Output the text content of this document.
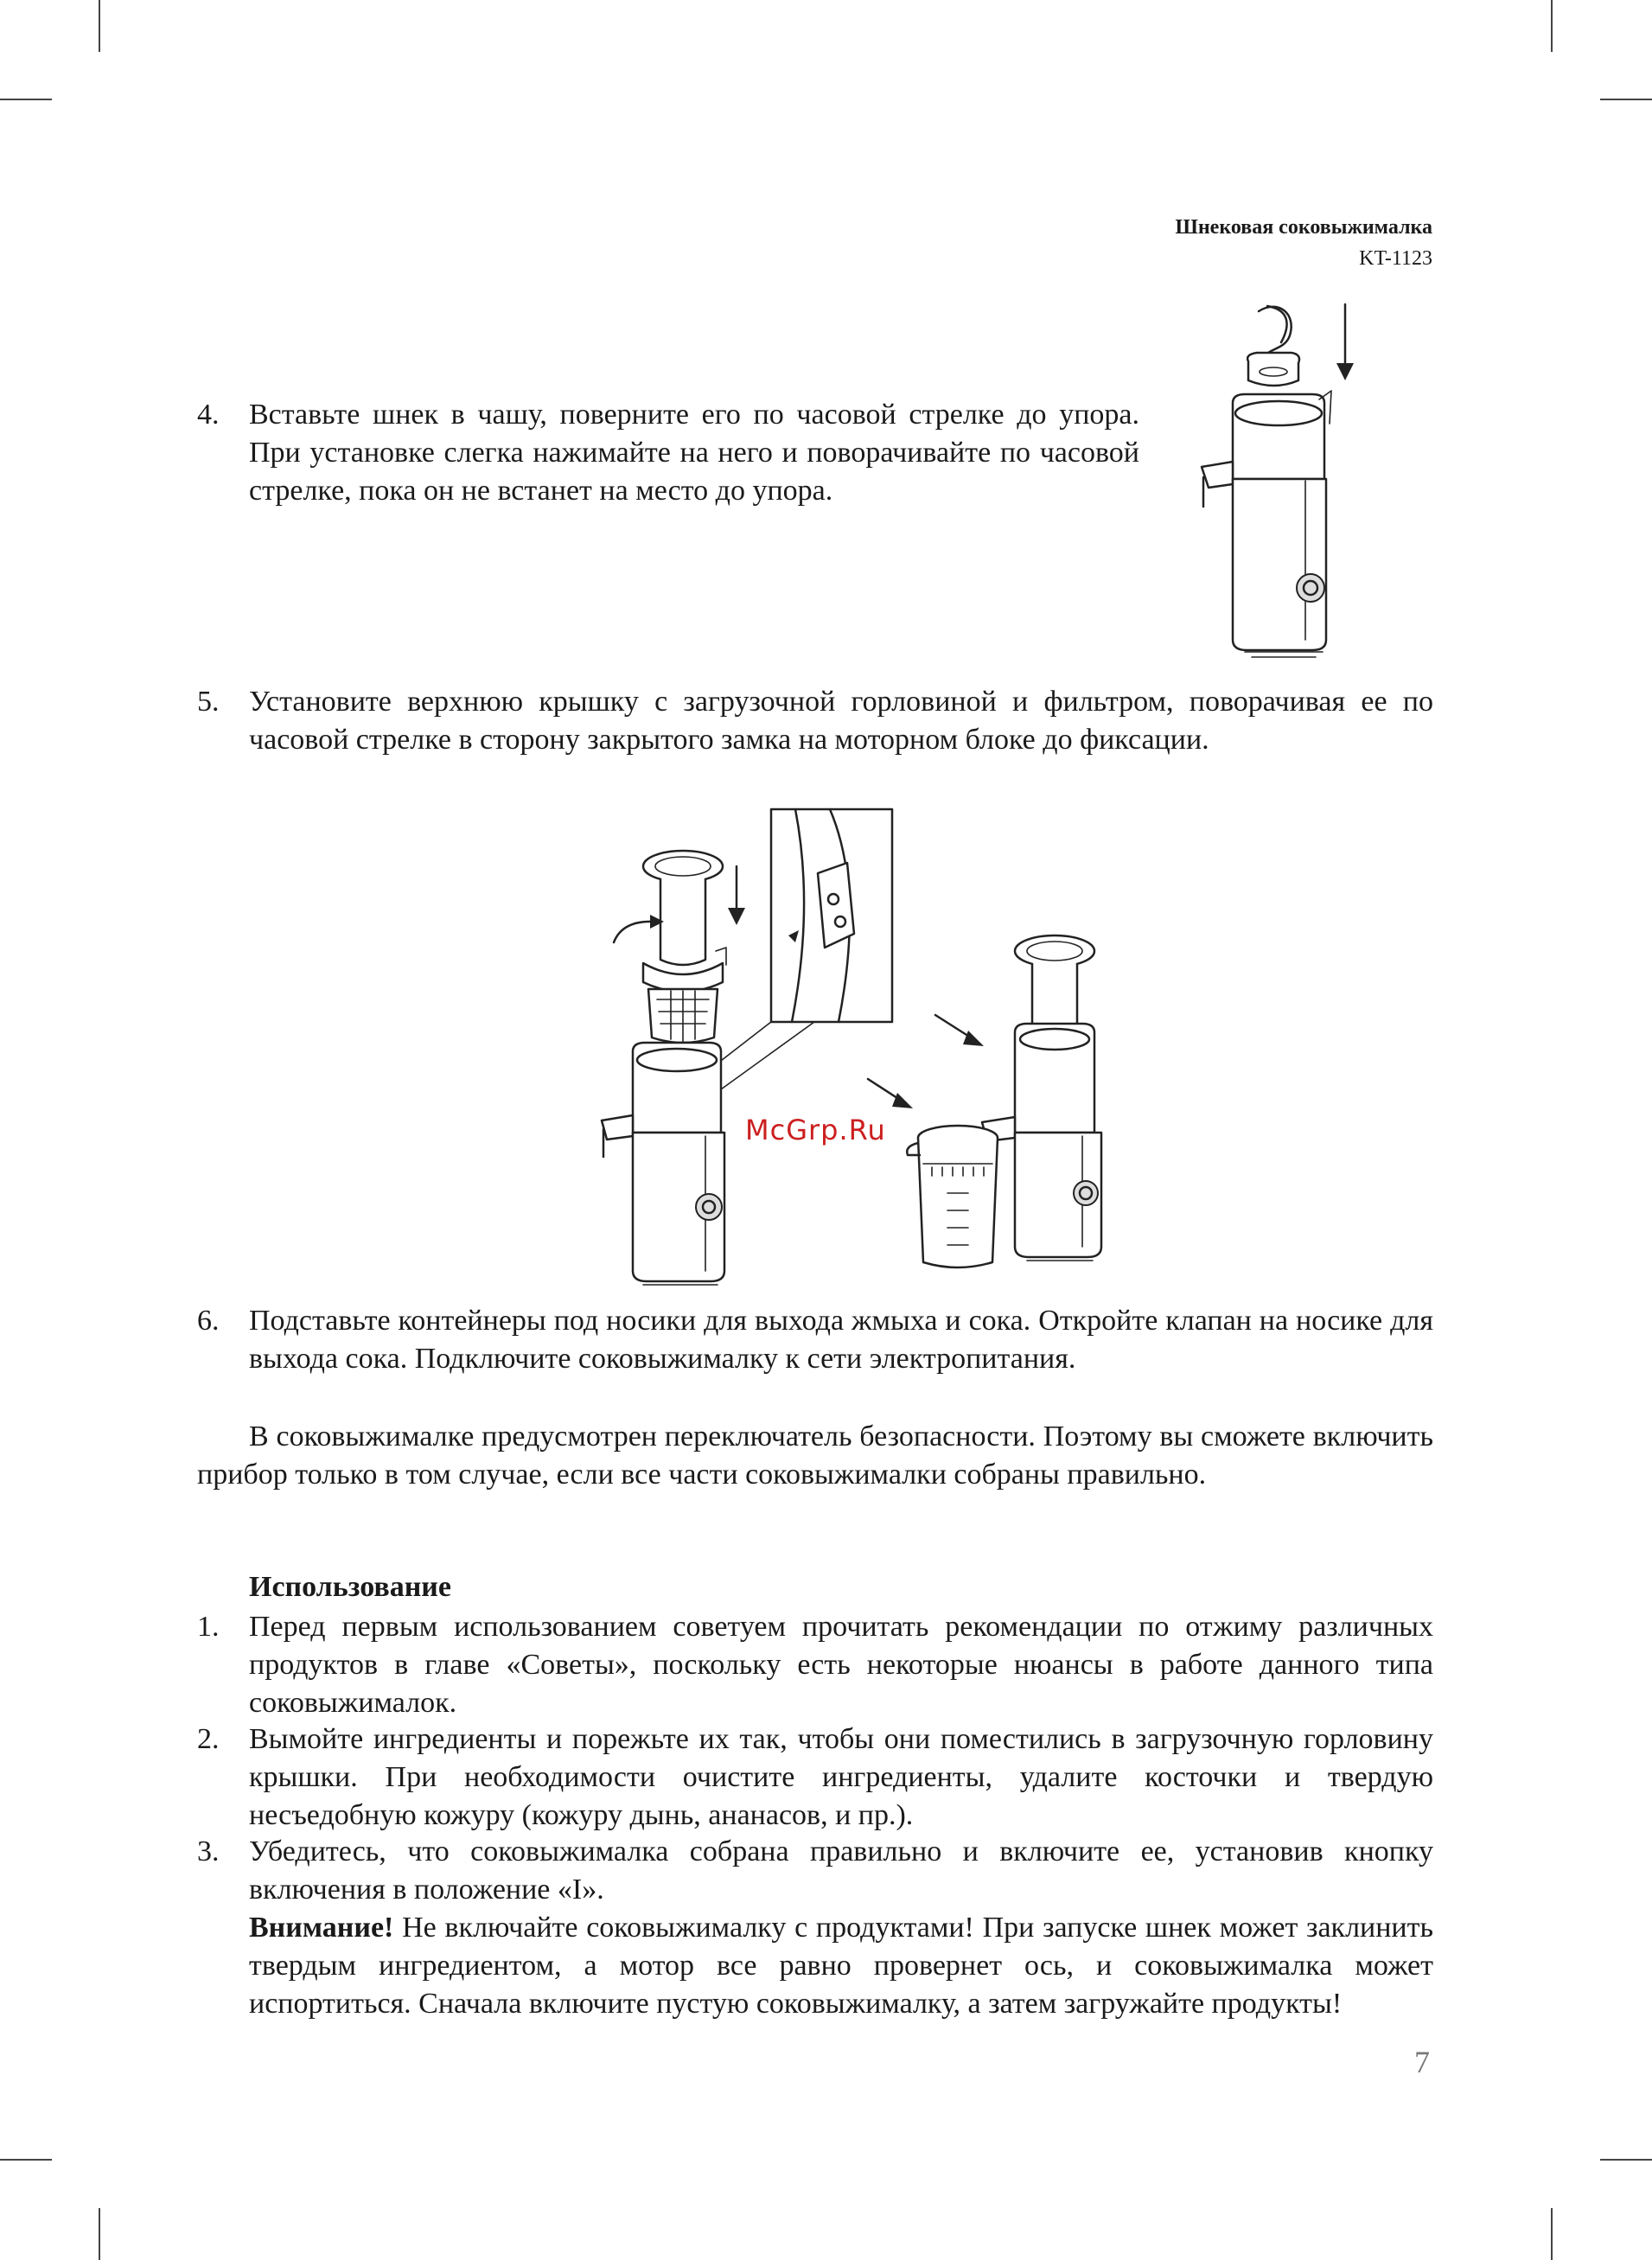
Шнековая соковыжималка
KT-1123
4. Вставьте шнек в чашу, поверните его по часовой стрелке до упора. При установке слегка нажимайте на него и поворачивайте по часовой стрелке, пока он не встанет на место до упора.
5. Установите верхнюю крышку с загрузочной горловиной и фильтром, поворачивая ее по часовой стрелке в сторону закрытого замка на моторном блоке до фиксации.
McGrp.Ru
6. Подставьте контейнеры под носики для выхода жмыха и сока. Откройте клапан на носике для выхода сока. Подключите соковыжималку к сети электропитания.
В соковыжималке предусмотрен переключатель безопасности. Поэтому вы сможете включить прибор только в том случае, если все части соковыжималки собраны правильно.
Использование
1. Перед первым использованием советуем прочитать рекомендации по отжиму различных продуктов в главе «Советы», поскольку есть некоторые нюансы в работе данного типа соковыжималок.
2. Вымойте ингредиенты и порежьте их так, чтобы они поместились в загрузочную горловину крышки. При необходимости очистите ингредиенты, удалите косточки и твердую несъедобную кожуру (кожуру дынь, ананасов, и пр.).
3. Убедитесь, что соковыжималка собрана правильно и включите ее, установив кнопку включения в положение «I».
Внимание! Не включайте соковыжималку с продуктами! При запуске шнек может заклинить твердым ингредиентом, а мотор все равно провернет ось, и соковыжималка может испортиться. Сначала включите пустую соковыжималку, а затем загружайте продукты!
7
